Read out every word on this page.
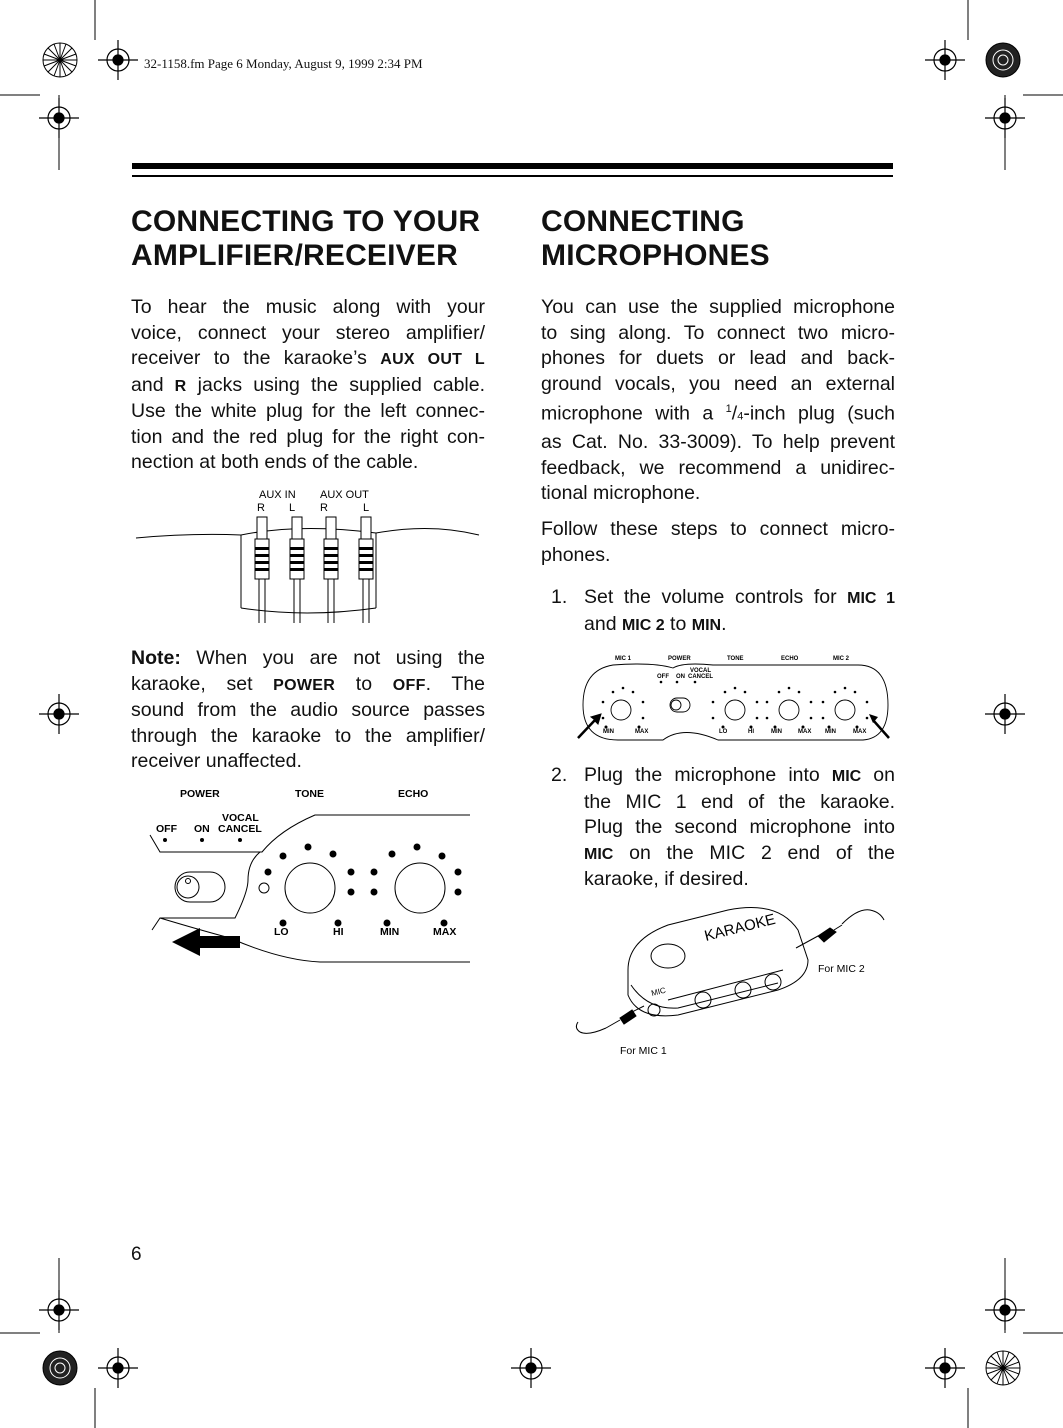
32-1158.fm Page 6 Monday, August 9, 1999 2:34 PM
CONNECTING TO YOUR
AMPLIFIER/RECEIVER
To hear the music along with your
voice, connect your stereo amplifier/
receiver to the karaoke’s AUX OUT L
and R jacks using the supplied cable.
Use the white plug for the left connec-
tion and the red plug for the right con-
nection at both ends of the cable.
AUX IN AUX OUT
R L R	L
Note: When you are not using the
karaoke, set POWER to OFF. The
sound from the audio source passes
through the karaoke to the amplifier/
receiver unaffected.
POWER	TONE	ECHO
VOCAL
OFF ON CANCEL
LO	HI	MIN	MAX
CONNECTING
MICROPHONES
You can use the supplied microphone
to sing along. To connect two micro-
phones for duets or lead and back-
ground vocals, you need an external
microphone with a $^1$/4-inch plug (such
as Cat. No. 33-3009). To help prevent
feedback, we recommend a unidirec-
tional microphone.
Follow these steps to connect micro-
phones.
1. Set the volume controls for MIC 1
and MIC 2 to MIN.
MIC 1	POWER	TONE	ECHO	MIC 2
VOCAL
OFF ON CANCEL
MIN	MAX	LO	HI	MIN	MAX MIN	MAX
2. Plug the microphone into MIC on
the MIC 1 end of the karaoke.
Plug the second microphone into
MIC on the MIC 2 end of the
karaoke, if desired.
KARAOKE
MIC
For MIC 2
For MIC 1
6
